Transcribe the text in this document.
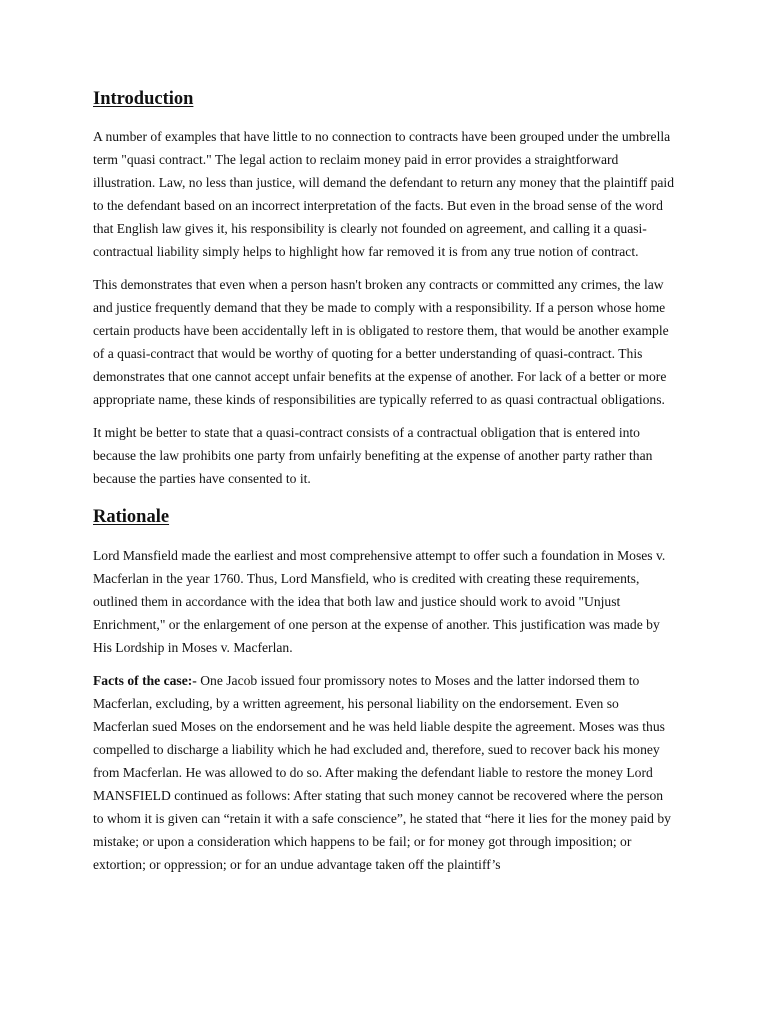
Introduction

A number of examples that have little to no connection to contracts have been grouped under the umbrella term "quasi contract." The legal action to reclaim money paid in error provides a straightforward illustration. Law, no less than justice, will demand the defendant to return any money that the plaintiff paid to the defendant based on an incorrect interpretation of the facts. But even in the broad sense of the word that English law gives it, his responsibility is clearly not founded on agreement, and calling it a quasi-contractual liability simply helps to highlight how far removed it is from any true notion of contract.

This demonstrates that even when a person hasn't broken any contracts or committed any crimes, the law and justice frequently demand that they be made to comply with a responsibility. If a person whose home certain products have been accidentally left in is obligated to restore them, that would be another example of a quasi-contract that would be worthy of quoting for a better understanding of quasi-contract. This demonstrates that one cannot accept unfair benefits at the expense of another. For lack of a better or more appropriate name, these kinds of responsibilities are typically referred to as quasi contractual obligations.

It might be better to state that a quasi-contract consists of a contractual obligation that is entered into because the law prohibits one party from unfairly benefiting at the expense of another party rather than because the parties have consented to it.

Rationale

Lord Mansfield made the earliest and most comprehensive attempt to offer such a foundation in Moses v. Macferlan in the year 1760. Thus, Lord Mansfield, who is credited with creating these requirements, outlined them in accordance with the idea that both law and justice should work to avoid "Unjust Enrichment," or the enlargement of one person at the expense of another. This justification was made by His Lordship in Moses v. Macferlan.

Facts of the case:- One Jacob issued four promissory notes to Moses and the latter indorsed them to Macferlan, excluding, by a written agreement, his personal liability on the endorsement. Even so Macferlan sued Moses on the endorsement and he was held liable despite the agreement. Moses was thus compelled to discharge a liability which he had excluded and, therefore, sued to recover back his money from Macferlan. He was allowed to do so. After making the defendant liable to restore the money Lord MANSFIELD continued as follows: After stating that such money cannot be recovered where the person to whom it is given can “retain it with a safe conscience”, he stated that “here it lies for the money paid by mistake; or upon a consideration which happens to be fail; or for money got through imposition; or extortion; or oppression; or for an undue advantage taken off the plaintiff’s
